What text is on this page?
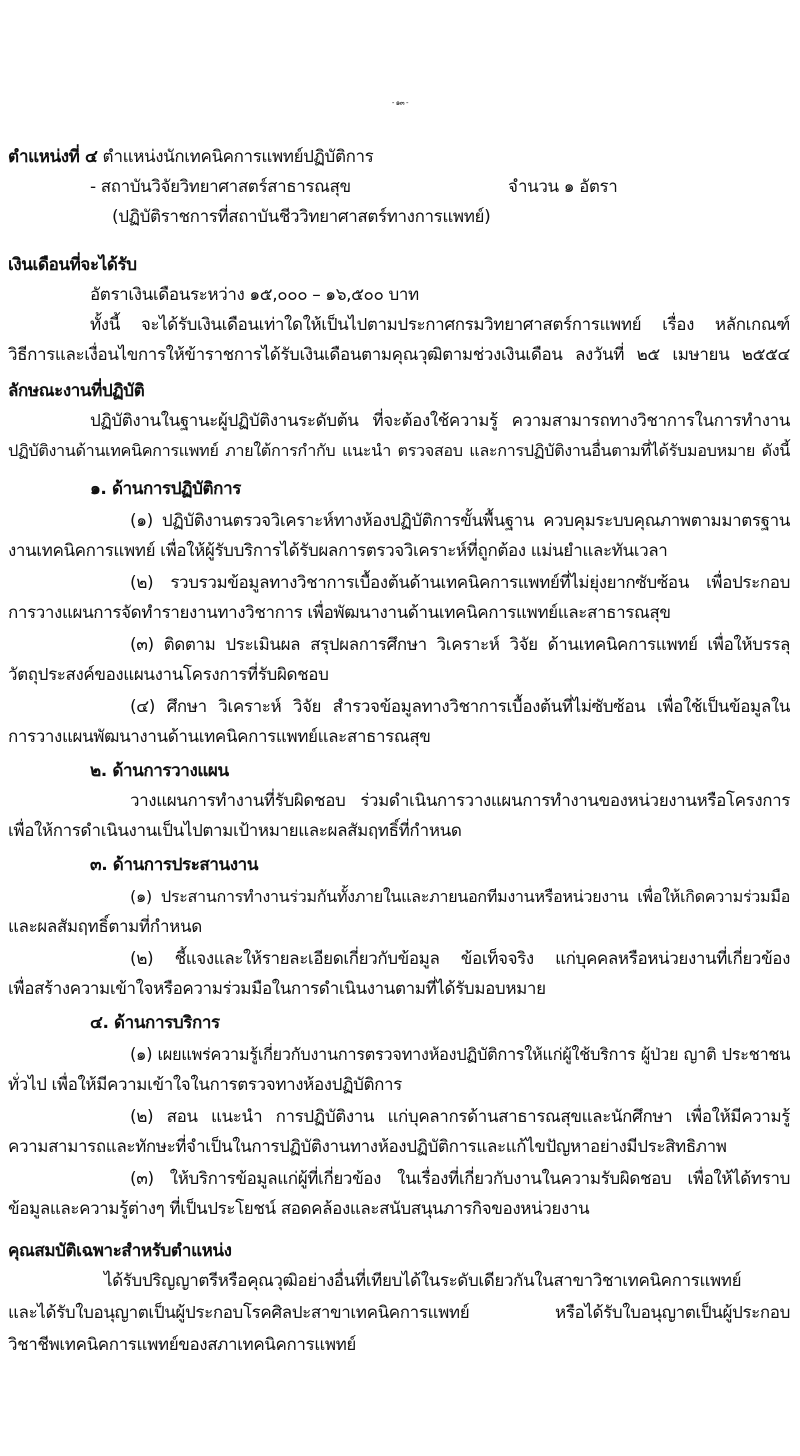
- ๑๓ -
ตำแหน่งที่ ๔ ตำแหน่งนักเทคนิคการแพทย์ปฏิบัติการ
- สถาบันวิจัยวิทยาศาสตร์สาธารณสุข	จำนวน ๑ อัตรา
(ปฏิบัติราชการที่สถาบันชีววิทยาศาสตร์ทางการแพทย์)
เงินเดือนที่จะได้รับ
อัตราเงินเดือนระหว่าง ๑๕,๐๐๐ – ๑๖,๕๐๐ บาท
ทั้งนี้ จะได้รับเงินเดือนเท่าใดให้เป็นไปตามประกาศกรมวิทยาศาสตร์การแพทย์ เรื่อง หลักเกณฑ์
วิธีการและเงื่อนไขการให้ข้าราชการได้รับเงินเดือนตามคุณวุฒิตามช่วงเงินเดือน ลงวันที่ ๒๕ เมษายน ๒๕๕๔
ลักษณะงานที่ปฏิบัติ
ปฏิบัติงานในฐานะผู้ปฏิบัติงานระดับต้น ที่จะต้องใช้ความรู้ ความสามารถทางวิชาการในการทำงาน
ปฏิบัติงานด้านเทคนิคการแพทย์ ภายใต้การกำกับ แนะนำ ตรวจสอบ และการปฏิบัติงานอื่นตามที่ได้รับมอบหมาย ดังนี้
๑. ด้านการปฏิบัติการ
(๑) ปฏิบัติงานตรวจวิเคราะห์ทางห้องปฏิบัติการขั้นพื้นฐาน ควบคุมระบบคุณภาพตามมาตรฐาน
งานเทคนิคการแพทย์ เพื่อให้ผู้รับบริการได้รับผลการตรวจวิเคราะห์ที่ถูกต้อง แม่นยำและทันเวลา
(๒) รวบรวมข้อมูลทางวิชาการเบื้องต้นด้านเทคนิคการแพทย์ที่ไม่ยุ่งยากซับซ้อน เพื่อประกอบ
การวางแผนการจัดทำรายงานทางวิชาการ เพื่อพัฒนางานด้านเทคนิคการแพทย์และสาธารณสุข
(๓) ติดตาม ประเมินผล สรุปผลการศึกษา วิเคราะห์ วิจัย ด้านเทคนิคการแพทย์ เพื่อให้บรรลุ
วัตถุประสงค์ของแผนงานโครงการที่รับผิดชอบ
(๔) ศึกษา วิเคราะห์ วิจัย สำรวจข้อมูลทางวิชาการเบื้องต้นที่ไม่ซับซ้อน เพื่อใช้เป็นข้อมูลใน
การวางแผนพัฒนางานด้านเทคนิคการแพทย์และสาธารณสุข
๒. ด้านการวางแผน
วางแผนการทำงานที่รับผิดชอบ ร่วมดำเนินการวางแผนการทำงานของหน่วยงานหรือโครงการ
เพื่อให้การดำเนินงานเป็นไปตามเป้าหมายและผลสัมฤทธิ์ที่กำหนด
๓. ด้านการประสานงาน
(๑) ประสานการทำงานร่วมกันทั้งภายในและภายนอกทีมงานหรือหน่วยงาน เพื่อให้เกิดความร่วมมือ
และผลสัมฤทธิ์ตามที่กำหนด
(๒) ชี้แจงและให้รายละเอียดเกี่ยวกับข้อมูล ข้อเท็จจริง แก่บุคคลหรือหน่วยงานที่เกี่ยวข้อง
เพื่อสร้างความเข้าใจหรือความร่วมมือในการดำเนินงานตามที่ได้รับมอบหมาย
๔. ด้านการบริการ
(๑) เผยแพร่ความรู้เกี่ยวกับงานการตรวจทางห้องปฏิบัติการให้แก่ผู้ใช้บริการ ผู้ป่วย ญาติ ประชาชน
ทั่วไป เพื่อให้มีความเข้าใจในการตรวจทางห้องปฏิบัติการ
(๒) สอน แนะนำ การปฏิบัติงาน แก่บุคลากรด้านสาธารณสุขและนักศึกษา เพื่อให้มีความรู้
ความสามารถและทักษะที่จำเป็นในการปฏิบัติงานทางห้องปฏิบัติการและแก้ไขปัญหาอย่างมีประสิทธิภาพ
(๓) ให้บริการข้อมูลแก่ผู้ที่เกี่ยวข้อง ในเรื่องที่เกี่ยวกับงานในความรับผิดชอบ เพื่อให้ได้ทราบ
ข้อมูลและความรู้ต่างๆ ที่เป็นประโยชน์ สอดคล้องและสนับสนุนภารกิจของหน่วยงาน
คุณสมบัติเฉพาะสำหรับตำแหน่ง
ได้รับปริญญาตรีหรือคุณวุฒิอย่างอื่นที่เทียบได้ในระดับเดียวกันในสาขาวิชาเทคนิคการแพทย์
และได้รับใบอนุญาตเป็นผู้ประกอบโรคศิลปะสาขาเทคนิคการแพทย์ หรือได้รับใบอนุญาตเป็นผู้ประกอบ
วิชาชีพเทคนิคการแพทย์ของสภาเทคนิคการแพทย์
